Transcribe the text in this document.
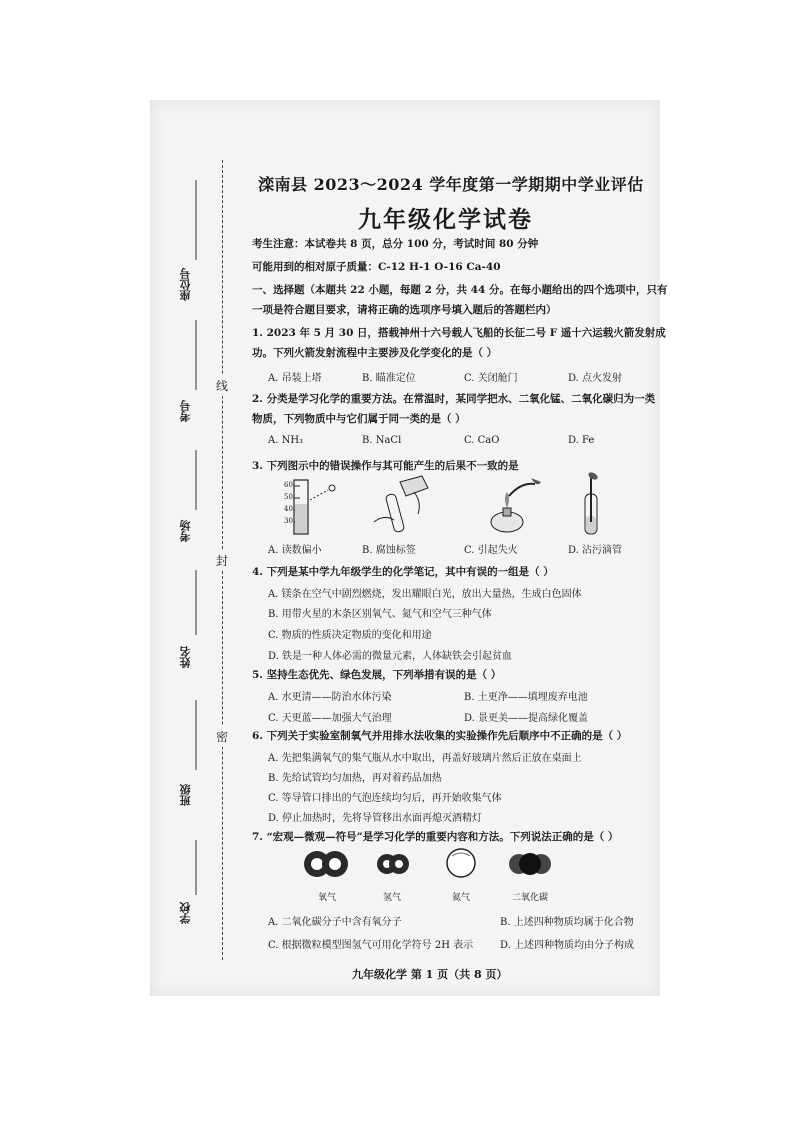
线
封
密
座位号
考号
考场
姓名
班级
学校
滦南县 2023～2024 学年度第一学期期中学业评估
九年级化学试卷
考生注意：本试卷共 8 页，总分 100 分，考试时间 80 分钟
可能用到的相对原子质量：C-12 H-1 O-16 Ca-40
一、选择题（本题共 22 小题，每题 2 分，共 44 分。在每小题给出的四个选项中，只有
一项是符合题目要求，请将正确的选项序号填入题后的答题栏内）
1. 2023 年 5 月 30 日，搭载神州十六号载人飞船的长征二号 F 遥十六运载火箭发射成
功。下列火箭发射流程中主要涉及化学变化的是（ ）
A. 吊装上塔	B. 瞄准定位	C. 关闭舱门	D. 点火发射
2. 分类是学习化学的重要方法。在常温时，某同学把水、二氧化锰、二氧化碳归为一类
物质，下列物质中与它们属于同一类的是（ ）
A. NH₃	B. NaCl	C. CaO	D. Fe
3. 下列图示中的错误操作与其可能产生的后果不一致的是
60
50
40
30
A. 读数偏小	B. 腐蚀标签	C. 引起失火	D. 沾污滴管
4. 下列是某中学九年级学生的化学笔记，其中有误的一组是（ ）
A. 镁条在空气中剧烈燃烧，发出耀眼白光，放出大量热，生成白色固体
B. 用带火星的木条区别氧气、氮气和空气三种气体
C. 物质的性质决定物质的变化和用途
D. 铁是一种人体必需的微量元素，人体缺铁会引起贫血
5. 坚持生态优先、绿色发展，下列举措有误的是（ ）
A. 水更清——防治水体污染	B. 土更净——填埋废弃电池
C. 天更蓝——加强大气治理	D. 景更美——提高绿化覆盖
6. 下列关于实验室制氧气并用排水法收集的实验操作先后顺序中不正确的是（ ）
A. 先把集满氧气的集气瓶从水中取出，再盖好玻璃片然后正放在桌面上
B. 先给试管均匀加热，再对着药品加热
C. 等导管口排出的气泡连续均匀后，再开始收集气体
D. 停止加热时，先将导管移出水面再熄灭酒精灯
7. “宏观—微观—符号”是学习化学的重要内容和方法。下列说法正确的是（ ）
氧气	氢气	氦气	二氧化碳
A. 二氧化碳分子中含有氧分子	B. 上述四种物质均属于化合物
C. 根据微粒模型图氢气可用化学符号 2H 表示	D. 上述四种物质均由分子构成
九年级化学 第 1 页（共 8 页）
